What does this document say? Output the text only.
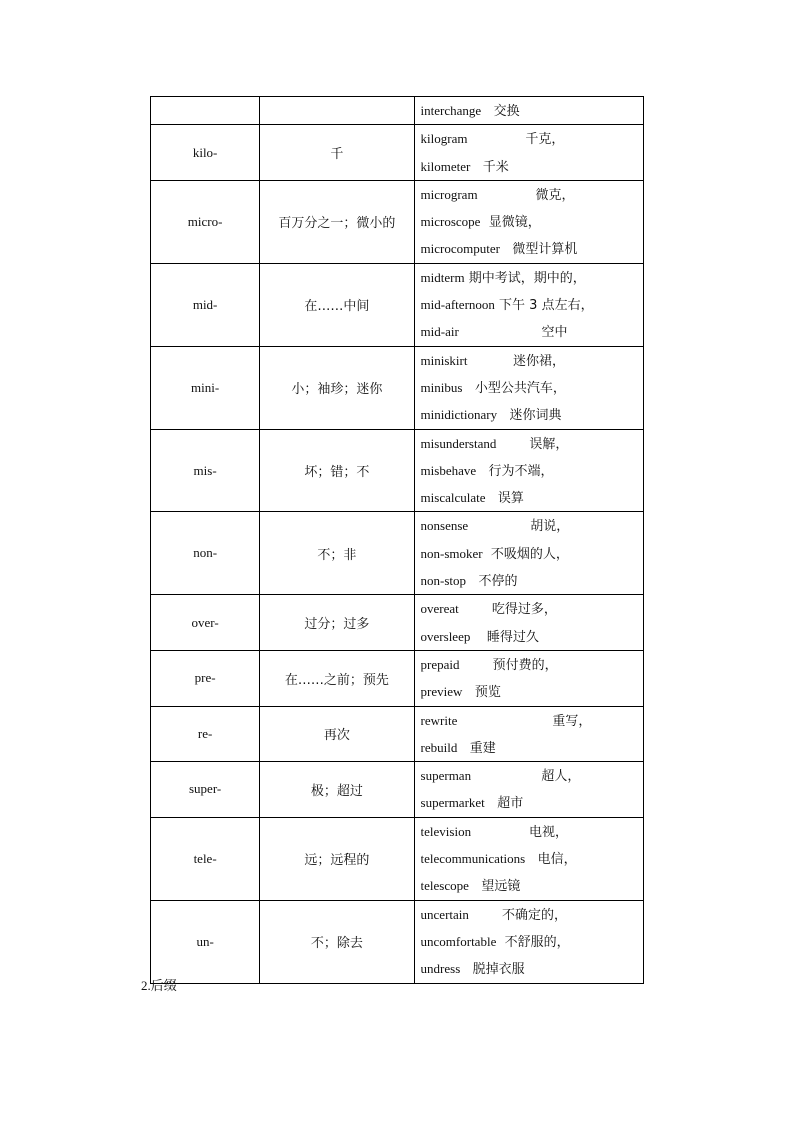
		interchange 交换

kilo-	千	kilogram 千克，
kilometer 千米

micro-	百万分之一；微小的	microgram 微克，
microscope 显微镜，
microcomputer 微型计算机

mid-	在……中间	midterm 期中考试，期中的，
mid-afternoon 下午 3 点左右，
mid-air 空中

mini-	小；袖珍；迷你	miniskirt 迷你裙，
minibus 小型公共汽车，
minidictionary 迷你词典

mis-	坏；错；不	misunderstand 误解，
misbehave 行为不端，
miscalculate 误算

non-	不；非	nonsense 胡说，
non-smoker 不吸烟的人，
non-stop 不停的

over-	过分；过多	overeat 吃得过多，
oversleep 睡得过久

pre-	在……之前；预先	prepaid 预付费的，
preview 预览

re-	再次	rewrite 重写，
rebuild 重建

super-	极；超过	superman 超人，
supermarket 超市

tele-	远；远程的	television 电视，
telecommunications 电信，
telescope 望远镜

un-	不；除去	uncertain 不确定的，
uncomfortable 不舒服的，
undress 脱掉衣服
2.后缀
